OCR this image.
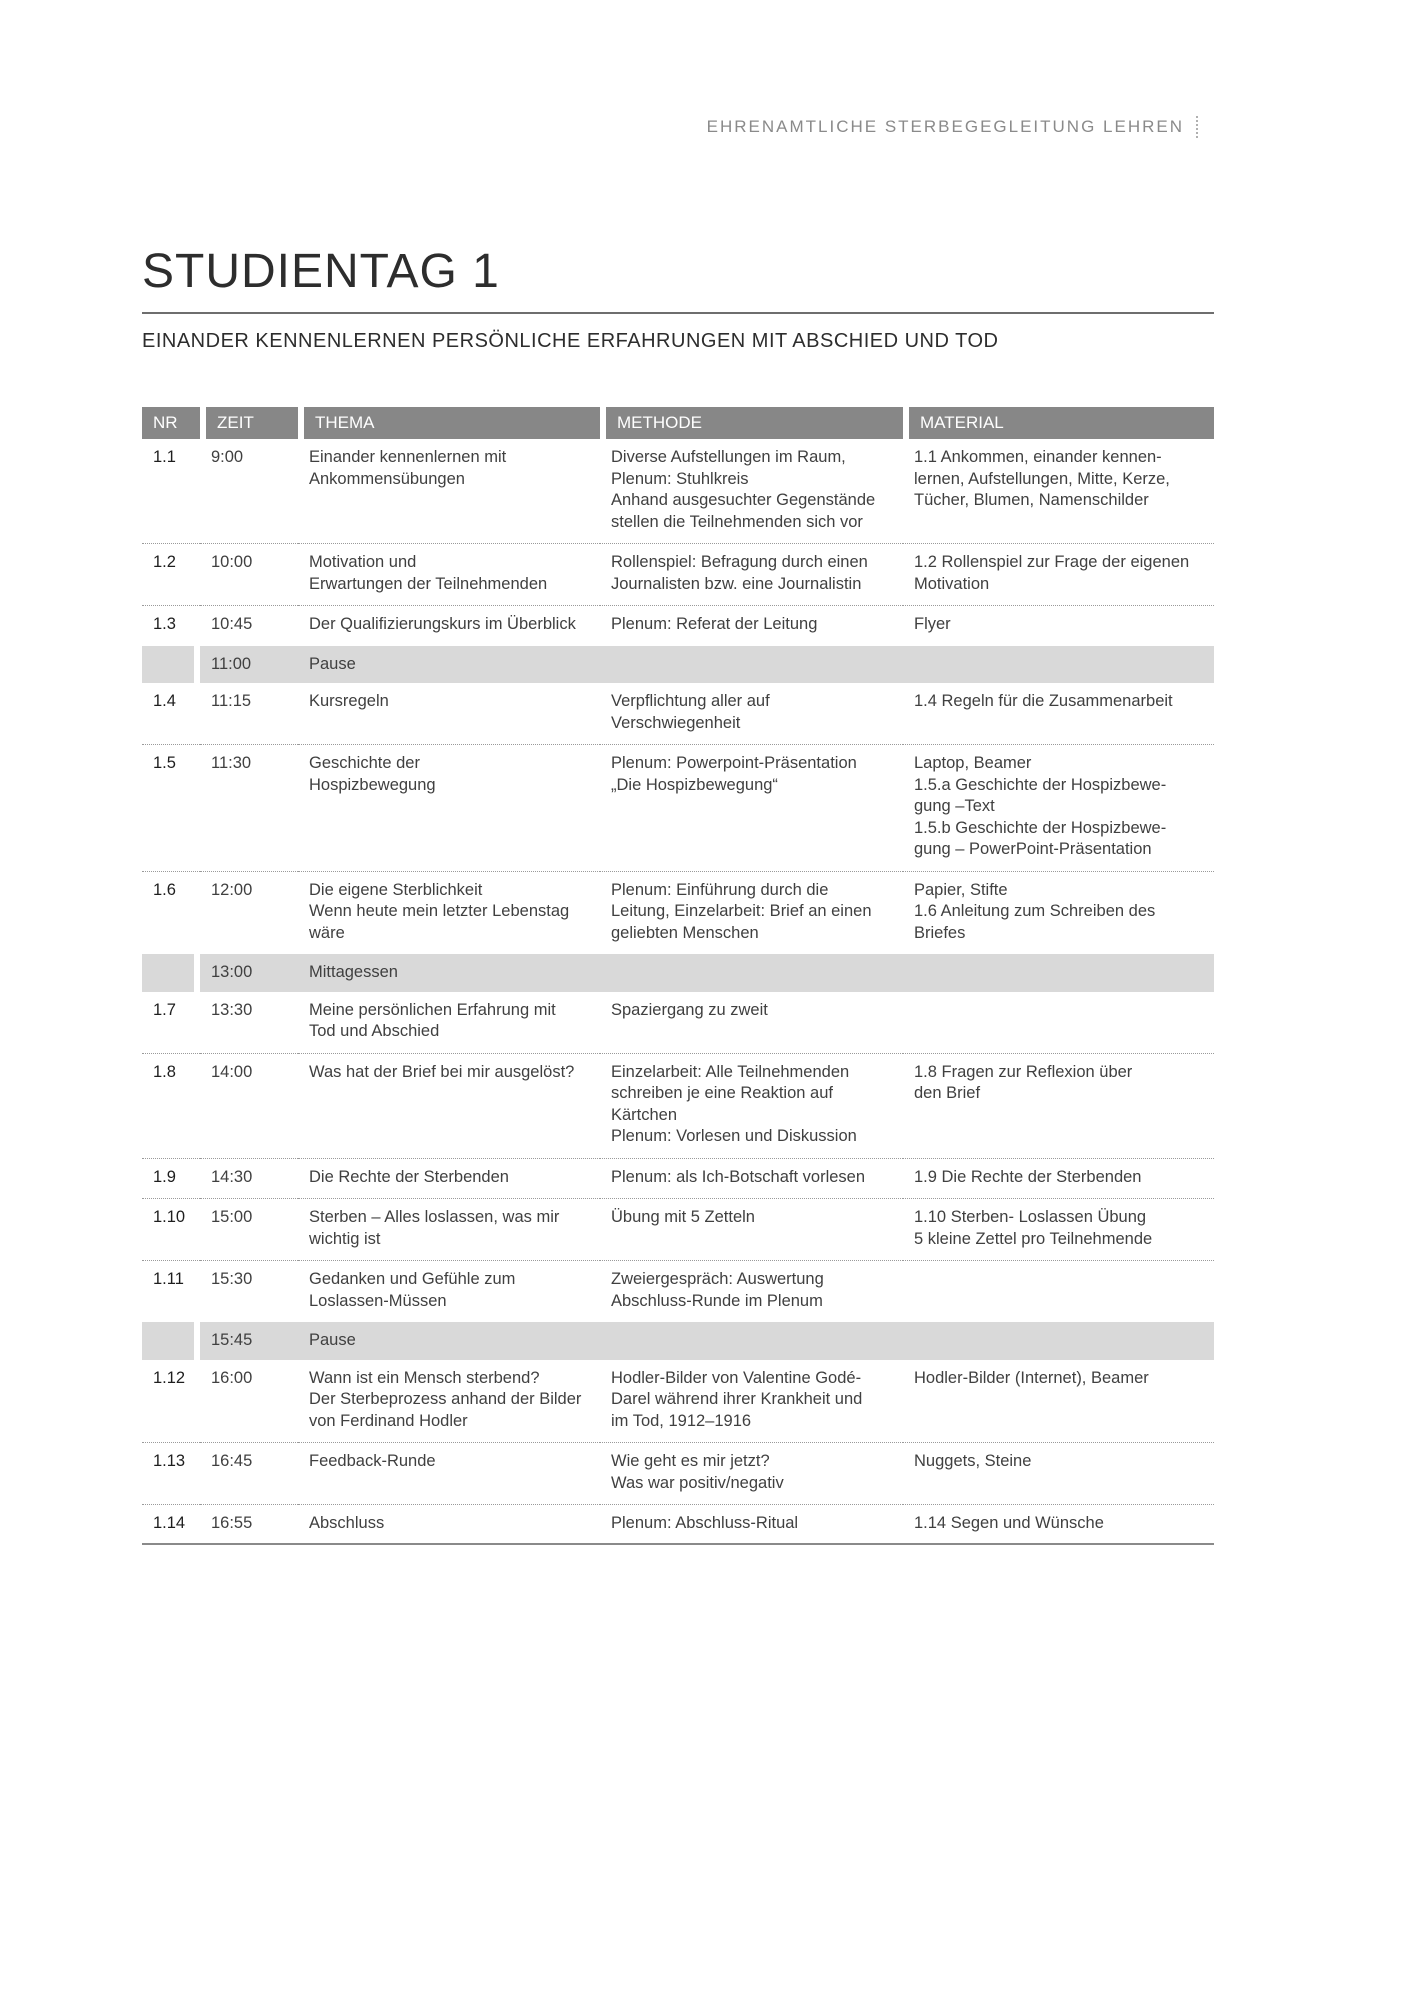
EHRENAMTLICHE STERBEGEGLEITUNG LEHREN
STUDIENTAG 1
EINANDER KENNENLERNEN PERSÖNLICHE ERFAHRUNGEN MIT ABSCHIED UND TOD
NR	ZEIT	THEMA	METHODE	MATERIAL
1.1	9:00	Einander kennenlernen mit
Ankommensübungen	Diverse Aufstellungen im Raum,
Plenum: Stuhlkreis
Anhand ausgesuchter Gegenstände
stellen die Teilnehmenden sich vor	1.1 Ankommen, einander kennen-
lernen, Aufstellungen, Mitte, Kerze,
Tücher, Blumen, Namenschilder

1.2	10:00	Motivation und
Erwartungen der Teilnehmenden	Rollenspiel: Befragung durch einen
Journalisten bzw. eine Journalistin	1.2 Rollenspiel zur Frage der eigenen
Motivation

1.3	10:45	Der Qualifizierungskurs im Überblick	Plenum: Referat der Leitung	Flyer

	11:00	Pause		

1.4	11:15	Kursregeln	Verpflichtung aller auf
Verschwiegenheit	1.4 Regeln für die Zusammenarbeit

1.5	11:30	Geschichte der
Hospizbewegung	Plenum: Powerpoint-Präsentation
„Die Hospizbewegung“	Laptop, Beamer
1.5.a Geschichte der Hospizbewe-
gung –Text
1.5.b Geschichte der Hospizbewe-
gung – PowerPoint-Präsentation

1.6	12:00	Die eigene Sterblichkeit
Wenn heute mein letzter Lebenstag
wäre	Plenum: Einführung durch die
Leitung, Einzelarbeit: Brief an einen
geliebten Menschen	Papier, Stifte
1.6 Anleitung zum Schreiben des
Briefes

	13:00	Mittagessen		

1.7	13:30	Meine persönlichen Erfahrung mit
Tod und Abschied	Spaziergang zu zweit	

1.8	14:00	Was hat der Brief bei mir ausgelöst?	Einzelarbeit: Alle Teilnehmenden
schreiben je eine Reaktion auf
Kärtchen
Plenum: Vorlesen und Diskussion	1.8 Fragen zur Reflexion über
den Brief

1.9	14:30	Die Rechte der Sterbenden	Plenum: als Ich-Botschaft vorlesen	1.9 Die Rechte der Sterbenden

1.10	15:00	Sterben – Alles loslassen, was mir
wichtig ist	Übung mit 5 Zetteln	1.10 Sterben- Loslassen Übung
5 kleine Zettel pro Teilnehmende

1.11	15:30	Gedanken und Gefühle zum
Loslassen-Müssen	Zweiergespräch: Auswertung
Abschluss-Runde im Plenum	

	15:45	Pause		

1.12	16:00	Wann ist ein Mensch sterbend?
Der Sterbeprozess anhand der Bilder
von Ferdinand Hodler	Hodler-Bilder von Valentine Godé-
Darel während ihrer Krankheit und
im Tod, 1912–1916	Hodler-Bilder (Internet), Beamer

1.13	16:45	Feedback-Runde	Wie geht es mir jetzt?
Was war positiv/negativ	Nuggets, Steine

1.14	16:55	Abschluss	Plenum: Abschluss-Ritual	1.14 Segen und Wünsche
